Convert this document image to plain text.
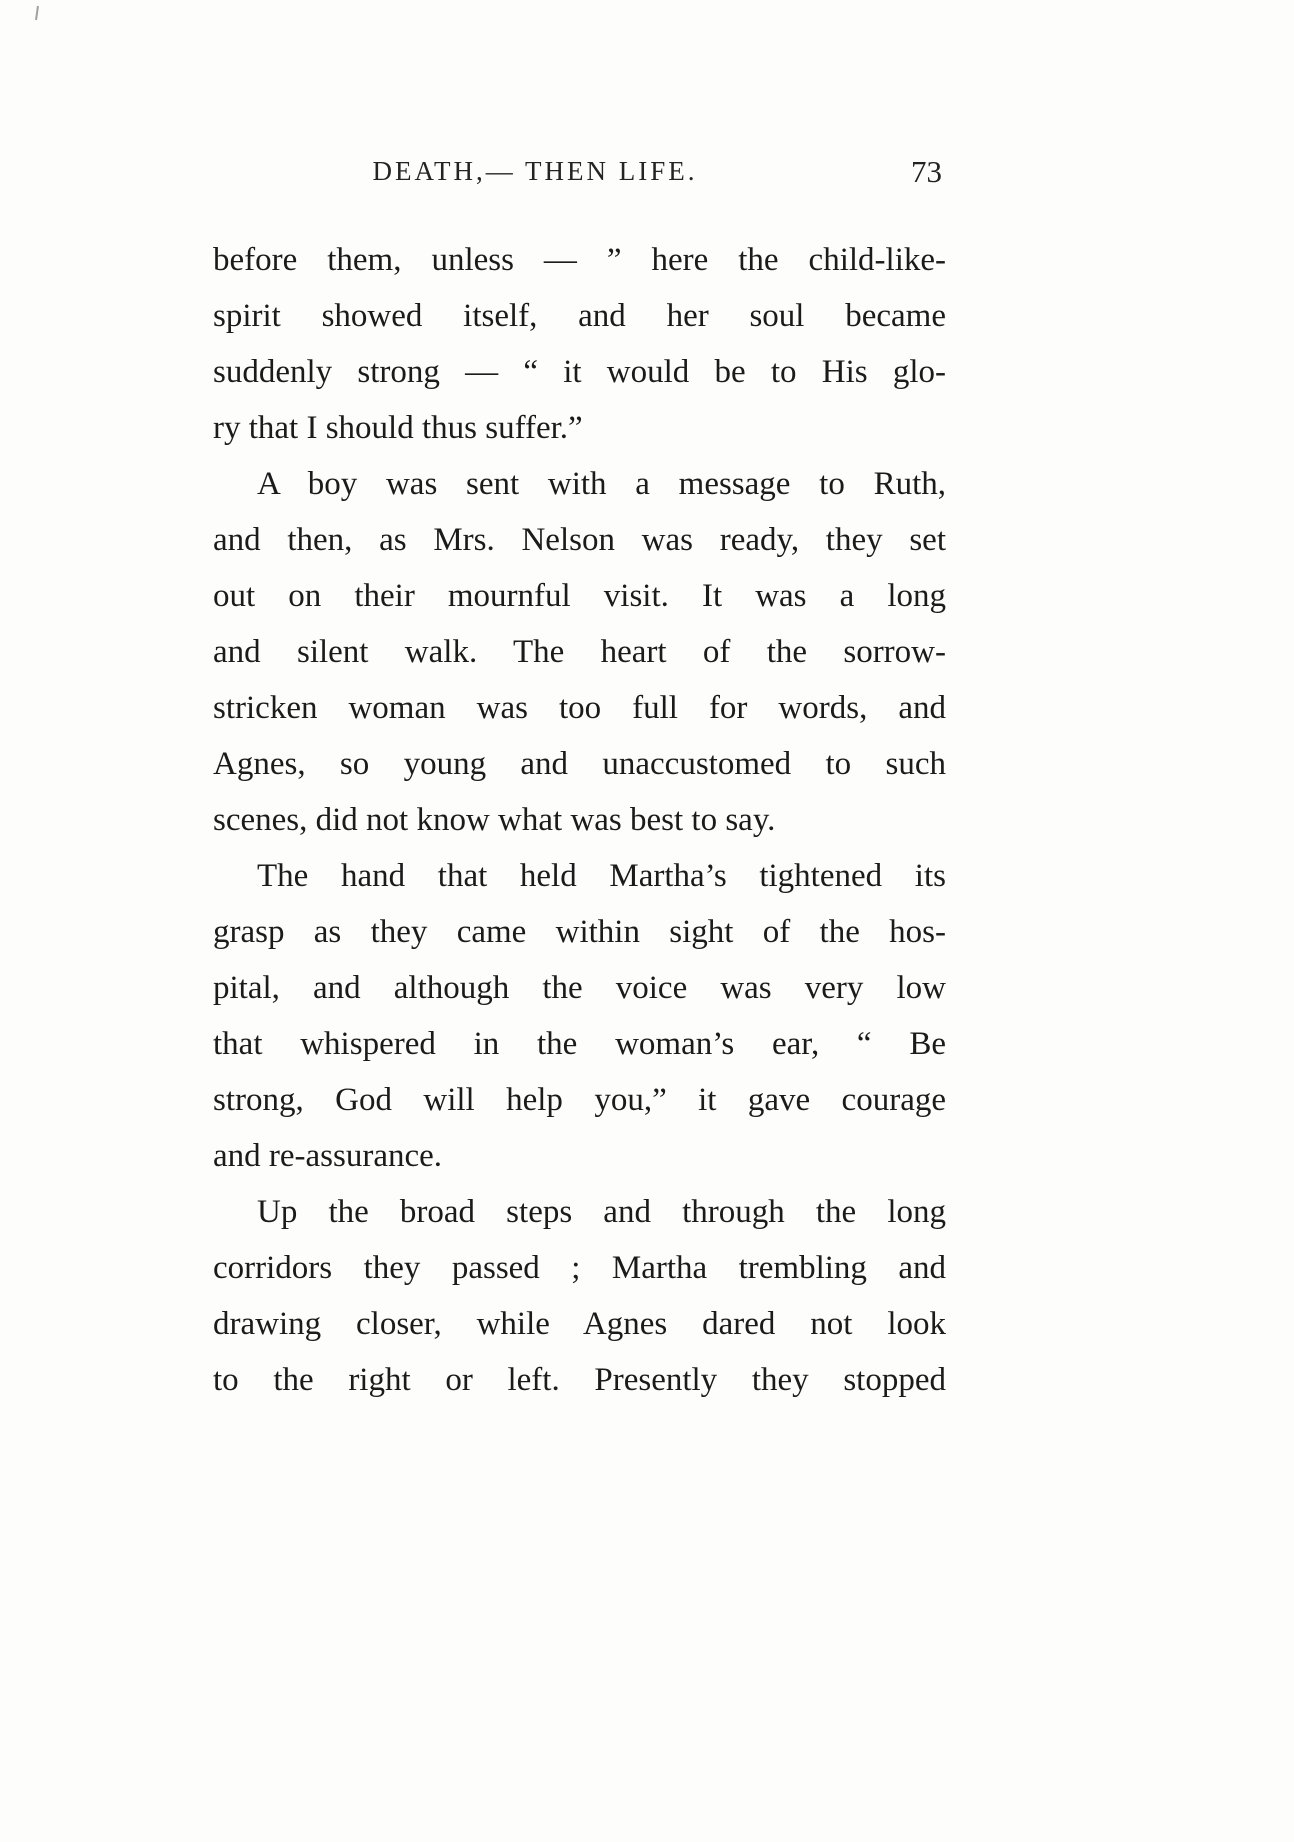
DEATH,— THEN LIFE.	73
before them, unless — ” here the child-like-
spirit showed itself, and her soul became
suddenly strong — “ it would be to His glo-
ry that I should thus suffer.”
A boy was sent with a message to Ruth,
and then, as Mrs. Nelson was ready, they set
out on their mournful visit. It was a long
and silent walk. The heart of the sorrow-
stricken woman was too full for words, and
Agnes, so young and unaccustomed to such
scenes, did not know what was best to say.
The hand that held Martha’s tightened its
grasp as they came within sight of the hos-
pital, and although the voice was very low
that whispered in the woman’s ear, “ Be
strong, God will help you,” it gave courage
and re-assurance.
Up the broad steps and through the long
corridors they passed ; Martha trembling and
drawing closer, while Agnes dared not look
to the right or left. Presently they stopped
